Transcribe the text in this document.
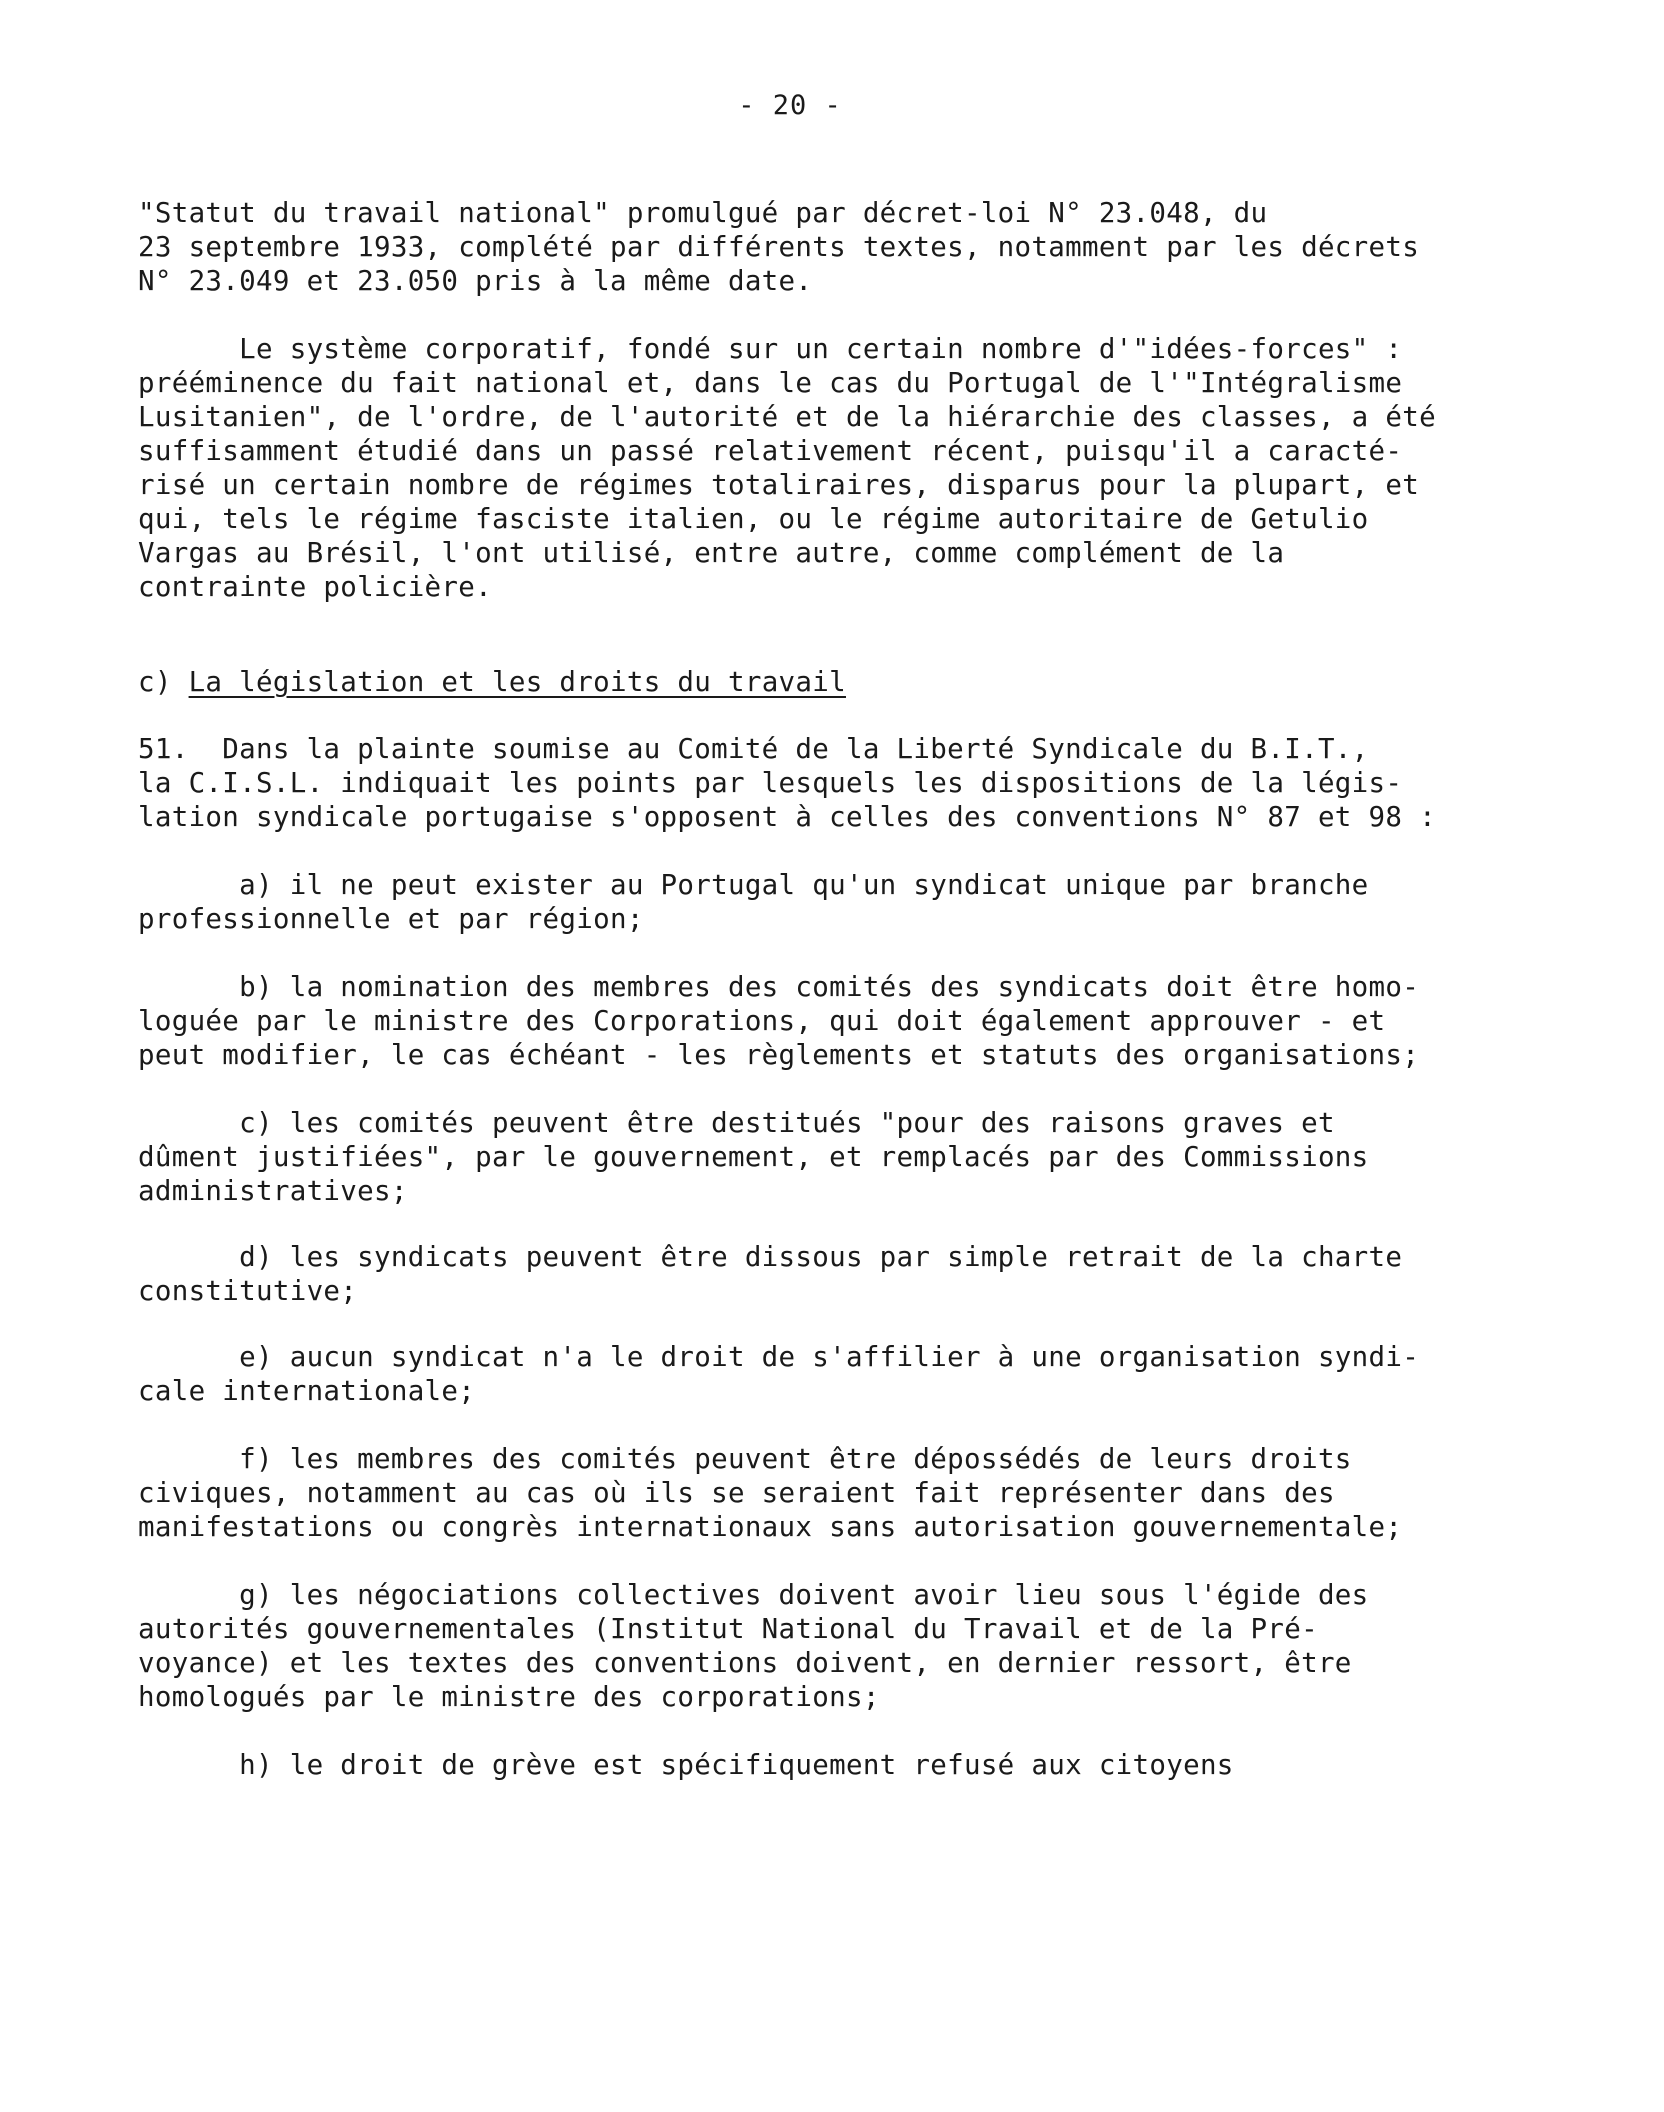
- 20 -
"Statut du travail national" promulgué par décret-loi N° 23.048, du
23 septembre 1933, complété par différents textes, notamment par les décrets
N° 23.049 et 23.050 pris à la même date.
Le système corporatif, fondé sur un certain nombre d'"idées-forces" :
prééminence du fait national et, dans le cas du Portugal de l'"Intégralisme
Lusitanien", de l'ordre, de l'autorité et de la hiérarchie des classes, a été
suffisamment étudié dans un passé relativement récent, puisqu'il a caracté-
risé un certain nombre de régimes totaliraires, disparus pour la plupart, et
qui, tels le régime fasciste italien, ou le régime autoritaire de Getulio
Vargas au Brésil, l'ont utilisé, entre autre, comme complément de la
contrainte policière.
c) La législation et les droits du travail
51.  Dans la plainte soumise au Comité de la Liberté Syndicale du B.I.T.,
la C.I.S.L. indiquait les points par lesquels les dispositions de la légis-
lation syndicale portugaise s'opposent à celles des conventions N° 87 et 98 :
a) il ne peut exister au Portugal qu'un syndicat unique par branche
professionnelle et par région;
b) la nomination des membres des comités des syndicats doit être homo-
loguée par le ministre des Corporations, qui doit également approuver - et
peut modifier, le cas échéant - les règlements et statuts des organisations;
c) les comités peuvent être destitués "pour des raisons graves et
dûment justifiées", par le gouvernement, et remplacés par des Commissions
administratives;
d) les syndicats peuvent être dissous par simple retrait de la charte
constitutive;
e) aucun syndicat n'a le droit de s'affilier à une organisation syndi-
cale internationale;
f) les membres des comités peuvent être dépossédés de leurs droits
civiques, notamment au cas où ils se seraient fait représenter dans des
manifestations ou congrès internationaux sans autorisation gouvernementale;
g) les négociations collectives doivent avoir lieu sous l'égide des
autorités gouvernementales (Institut National du Travail et de la Pré-
voyance) et les textes des conventions doivent, en dernier ressort, être
homologués par le ministre des corporations;
h) le droit de grève est spécifiquement refusé aux citoyens
